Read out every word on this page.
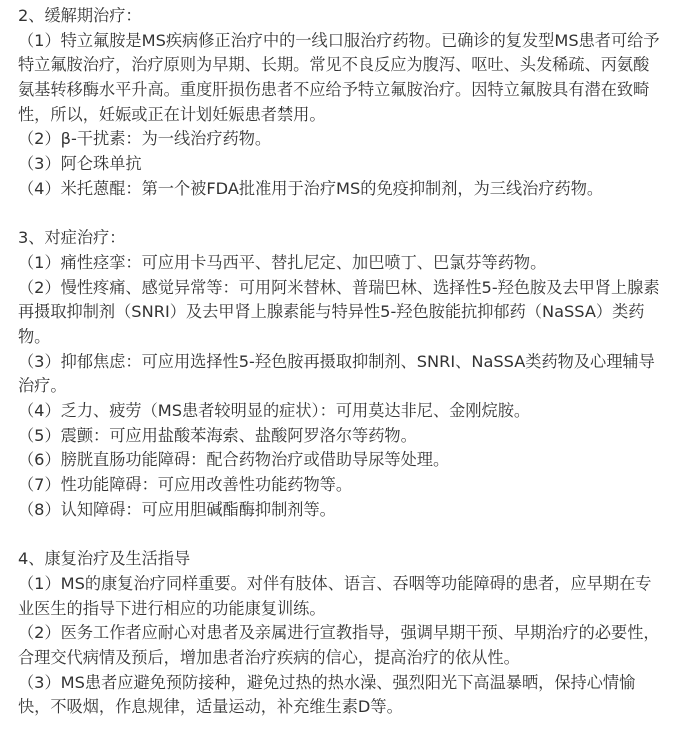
2、缓解期治疗：
（1）特立氟胺是MS疾病修正治疗中的一线口服治疗药物。已确诊的复发型MS患者可给予
特立氟胺治疗，治疗原则为早期、长期。常见不良反应为腹泻、呕吐、头发稀疏、丙氨酸
氨基转移酶水平升高。重度肝损伤患者不应给予特立氟胺治疗。因特立氟胺具有潜在致畸
性，所以，妊娠或正在计划妊娠患者禁用。
（2）β-干扰素：为一线治疗药物。
（3）阿仑珠单抗
（4）米托蒽醌：第一个被FDA批准用于治疗MS的免疫抑制剂，为三线治疗药物。
3、对症治疗：
（1）痛性痉挛：可应用卡马西平、替扎尼定、加巴喷丁、巴氯芬等药物。
（2）慢性疼痛、感觉异常等：可用阿米替林、普瑞巴林、选择性5-羟色胺及去甲肾上腺素
再摄取抑制剂（SNRI）及去甲肾上腺素能与特异性5-羟色胺能抗抑郁药（NaSSA）类药
物。
（3）抑郁焦虑：可应用选择性5-羟色胺再摄取抑制剂、SNRI、NaSSA类药物及心理辅导
治疗。
（4）乏力、疲劳（MS患者较明显的症状）：可用莫达非尼、金刚烷胺。
（5）震颤：可应用盐酸苯海索、盐酸阿罗洛尔等药物。
（6）膀胱直肠功能障碍：配合药物治疗或借助导尿等处理。
（7）性功能障碍：可应用改善性功能药物等。
（8）认知障碍：可应用胆碱酯酶抑制剂等。
4、康复治疗及生活指导
（1）MS的康复治疗同样重要。对伴有肢体、语言、吞咽等功能障碍的患者，应早期在专
业医生的指导下进行相应的功能康复训练。
（2）医务工作者应耐心对患者及亲属进行宣教指导，强调早期干预、早期治疗的必要性，
合理交代病情及预后，增加患者治疗疾病的信心，提高治疗的依从性。
（3）MS患者应避免预防接种，避免过热的热水澡、强烈阳光下高温暴晒，保持心情愉
快，不吸烟，作息规律，适量运动，补充维生素D等。
